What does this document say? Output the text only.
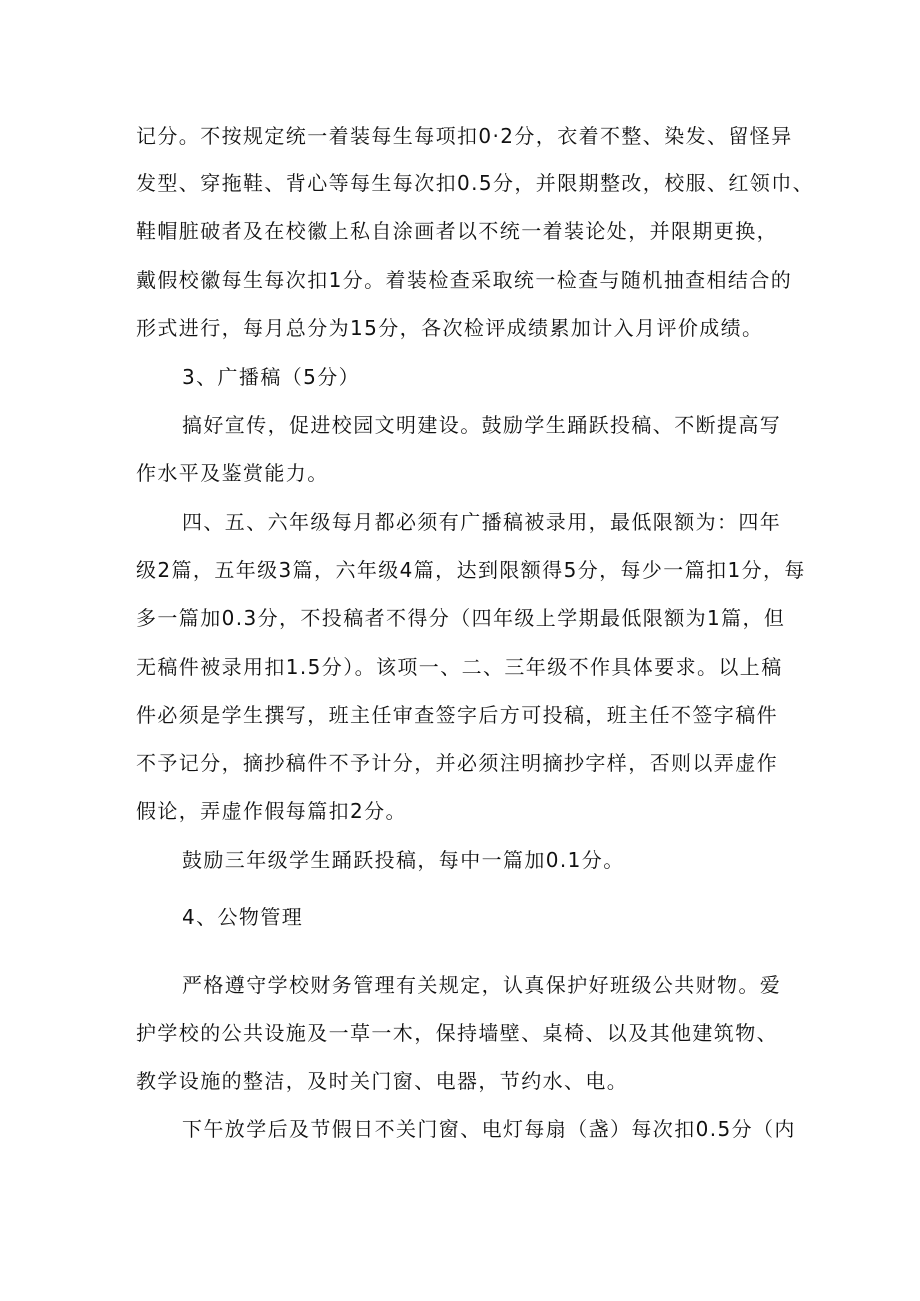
记分。不按规定统一着装每生每项扣0·2分，衣着不整、染发、留怪异
发型、穿拖鞋、背心等每生每次扣0.5分，并限期整改，校服、红领巾、
鞋帽脏破者及在校徽上私自涂画者以不统一着装论处，并限期更换，
戴假校徽每生每次扣1分。着装检查采取统一检查与随机抽查相结合的
形式进行，每月总分为15分，各次检评成绩累加计入月评价成绩。
3、广播稿（5分）
搞好宣传，促进校园文明建设。鼓励学生踊跃投稿、不断提高写
作水平及鉴赏能力。
四、五、六年级每月都必须有广播稿被录用，最低限额为：四年
级2篇，五年级3篇，六年级4篇，达到限额得5分，每少一篇扣1分，每
多一篇加0.3分，不投稿者不得分（四年级上学期最低限额为1篇，但
无稿件被录用扣1.5分）。该项一、二、三年级不作具体要求。以上稿
件必须是学生撰写，班主任审查签字后方可投稿，班主任不签字稿件
不予记分，摘抄稿件不予计分，并必须注明摘抄字样，否则以弄虚作
假论，弄虚作假每篇扣2分。
鼓励三年级学生踊跃投稿，每中一篇加0.1分。
4、公物管理
严格遵守学校财务管理有关规定，认真保护好班级公共财物。爱
护学校的公共设施及一草一木，保持墙壁、桌椅、以及其他建筑物、
教学设施的整洁，及时关门窗、电器，节约水、电。
下午放学后及节假日不关门窗、电灯每扇（盏）每次扣0.5分（内
